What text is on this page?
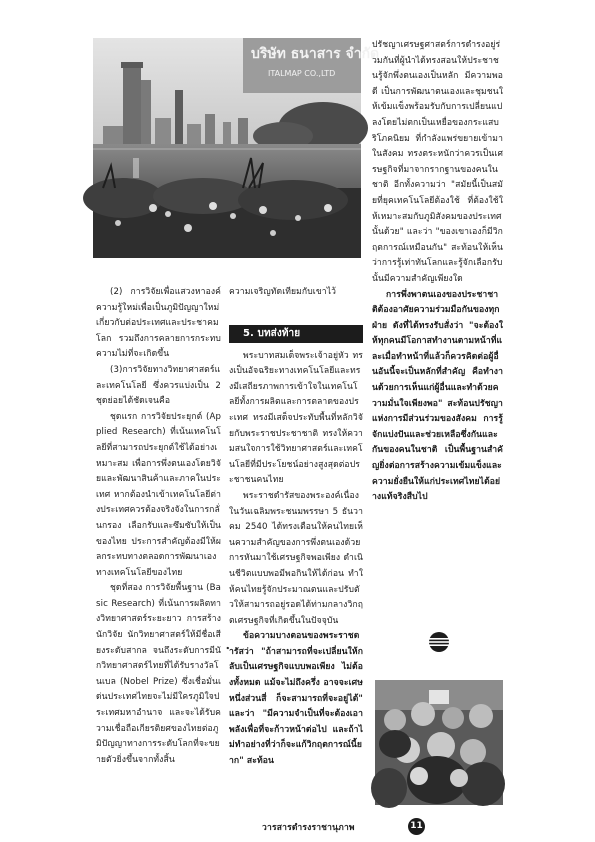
บริษัท ธนาสาร จำกัด
ITALMAP CO.,LTD

(2) การวิจัยเพื่อแสวงหาองค์ความรู้ใหม่เพื่อเป็นภูมิปัญญาใหม่เกี่ยวกับต่อประเทศและประชาคมโลก รวมถึงการคลายการกระทบความไม่ที่จะเกิดขึ้น

(3)การวิจัยทางวิทยาศาสตร์และเทคโนโลยี ซึ่งควรแบ่งเป็น 2 ชุดย่อยได้ชัดเจนคือ

ชุดแรก การวิจัยประยุกต์ (Applied Research) ที่เน้นเทคโนโลยีที่สามารถประยุกต์ใช้ได้อย่างเหมาะสม เพื่อการพึ่งตนเองโดยวิจัยและพัฒนาสินค้าและภาคในประเทศ หากต้องนำเข้าเทคโนโลยีต่างประเทศควรต้องจริงจังในการกลั่นกรอง เลือกรับและซึมซับให้เป็นของไทย ประการสำคัญต้องมีให้ผลกระทบทางตลอดการพัฒนาเองทางเทคโนโลยีของไทย

ชุดที่สอง การวิจัยพื้นฐาน (Basic Research) ที่เน้นการผลิตทางวิทยาศาสตร์ระยะยาว การสร้างนักวิจัย นักวิทยาศาสตร์ให้มีชื่อเสียงระดับสากล จนถึงระดับการมีนักวิทยาศาสตร์ไทยที่ได้รับรางวัลโนเบล (Nobel Prize) ซึ่งเชื่อมั่นเด่นประเทศไทยจะไม่มีใครภูมิใจประเทศมหาอำนาจ และจะได้รับความเชื่อถือเกียรติยศของไทยต่อภูมิปัญญาทางการระดับโลกที่จะขยายตัวยิ่งขึ้นจากทั้งสิ้น

ความเจริญทัดเทียมกับเขาไว้

5. บทส่งท้าย

พระบาทสมเด็จพระเจ้าอยู่หัว ทรงเป็นอัจฉริยะทางเทคโนโลยีและทรงมีเสถียรภาพการเข้าใจในเทคโนโลยีทั้งการผลิตและการตลาดของประเทศ ทรงมีเสด็จประทับพื้นที่หลักวิจัยกับพระราชประชาชาติ ทรงให้ความสนใจการใช้วิทยาศาสตร์และเทคโนโลยีที่มีประโยชน์อย่างสูงสุดต่อประชาชนคนไทย

พระราชดำรัสของพระองค์เนื่องในวันเฉลิมพระชนมพรรษา 5 ธันวาคม 2540 ได้ทรงเตือนให้คนไทยเห็นความสำคัญของการพึ่งตนเองด้วยการหันมาใช้เศรษฐกิจพอเพียง ดำเนินชีวิตแบบพอมีพอกินให้ได้ก่อน ทำให้คนไทยรู้จักประมาณตนและปรับตัวให้สามารถอยู่รอดได้ท่ามกลางวิกฤตเศรษฐกิจที่เกิดขึ้นในปัจจุบัน

ข้อความบางตอนของพระราชดำรัสว่า "ถ้าสามารถที่จะเปลี่ยนให้กลับเป็นเศรษฐกิจแบบพอเพียง ไม่ต้องทั้งหมด แม้จะไม่ถึงครึ่ง อาจจะเศษหนึ่งส่วนสี่ ก็จะสามารถที่จะอยู่ได้" และว่า "มีความจำเป็นที่จะต้องเอาพลังเพื่อที่จะก้าวหน้าต่อไป และถ้าไม่ทำอย่างที่ว่าก็จะแก้วิกฤตการณ์นี้ยาก" สะท้อน

ปรัชญาเศรษฐศาสตร์การดำรงอยู่ร่วมกันที่ผู้นำได้ทรงสอนให้ประชาชนรู้จักพึ่งตนเองเป็นหลัก มีความพอดี เป็นการพัฒนาตนเองและชุมชนให้เข้มแข็งพร้อมรับกับการเปลี่ยนแปลงโดยไม่ตกเป็นเหยื่อของกระแสบริโภคนิยม ที่กำลังแพร่ขยายเข้ามาในสังคม ทรงตระหนักว่าควรเป็นเศรษฐกิจที่มาจากรากฐานของคนในชาติ อีกทั้งความว่า "สมัยนี้เป็นสมัยที่ยุคเทคโนโลยีต้องใช้ ที่ต้องใช้ให้เหมาะสมกับภูมิสังคมของประเทศนั้นด้วย" และว่า "ของเขาเองก็มีวิกฤตการณ์เหมือนกัน" สะท้อนให้เห็นว่าการรู้เท่าทันโลกและรู้จักเลือกรับนั้นมีความสำคัญเพียงใด

การพึ่งพาตนเองของประชาชาติต้องอาศัยความร่วมมือกันของทุกฝ่าย ดังที่ได้ทรงรับสั่งว่า "จะต้องให้ทุกคนมีโอกาสทำงานตามหน้าที่และเมื่อทำหน้าที่แล้วก็ควรคิดต่อผู้อื่นอันนี้จะเป็นหลักที่สำคัญ คือทำงานด้วยการเห็นแก่ผู้อื่นและทำด้วยความมั่นใจเพียงพอ" สะท้อนปรัชญาแห่งการมีส่วนร่วมของสังคม การรู้จักแบ่งปันและช่วยเหลือซึ่งกันและกันของคนในชาติ เป็นพื้นฐานสำคัญยิ่งต่อการสร้างความเข้มแข็งและความยั่งยืนให้แก่ประเทศไทยได้อย่างแท้จริงสืบไป

วารสารดำรงราชานุภาพ	11
